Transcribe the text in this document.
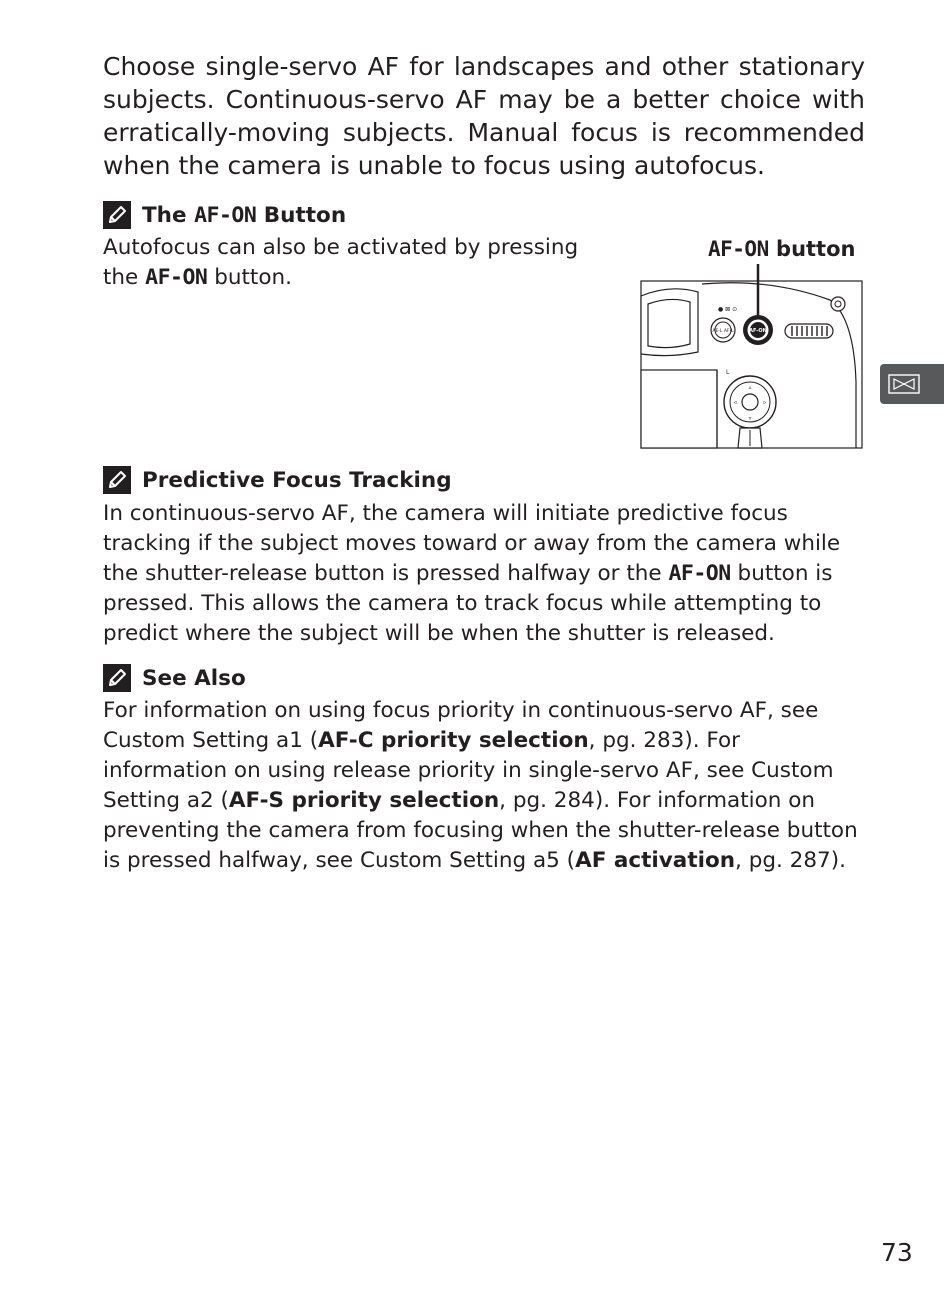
Choose single-servo AF for landscapes and other stationary subjects. Continuous-servo AF may be a better choice with erratically-moving subjects. Manual focus is recommended when the camera is unable to focus using autofocus.

The
AF-ON
Button

Autofocus can also be activated by pressing the AF-ON button.

AF-ON button
● ⊠ ⊙
AE-L AF-L	AF-ON
▵
▿
◃	▹
L
Predictive Focus Tracking

In continuous-servo AF, the camera will initiate predictive focus tracking if the subject moves toward or away from the camera while the shutter-release button is pressed halfway or the AF-ON button is pressed. This allows the camera to track focus while attempting to predict where the subject will be when the shutter is released.

See Also

For information on using focus priority in continuous-servo AF, see Custom Setting a1 (AF-C priority selection, pg. 283). For information on using release priority in single-servo AF, see Custom Setting a2 (AF-S priority selection, pg. 284). For information on preventing the camera from focusing when the shutter-release button is pressed halfway, see Custom Setting a5 (AF activation, pg. 287).

73
